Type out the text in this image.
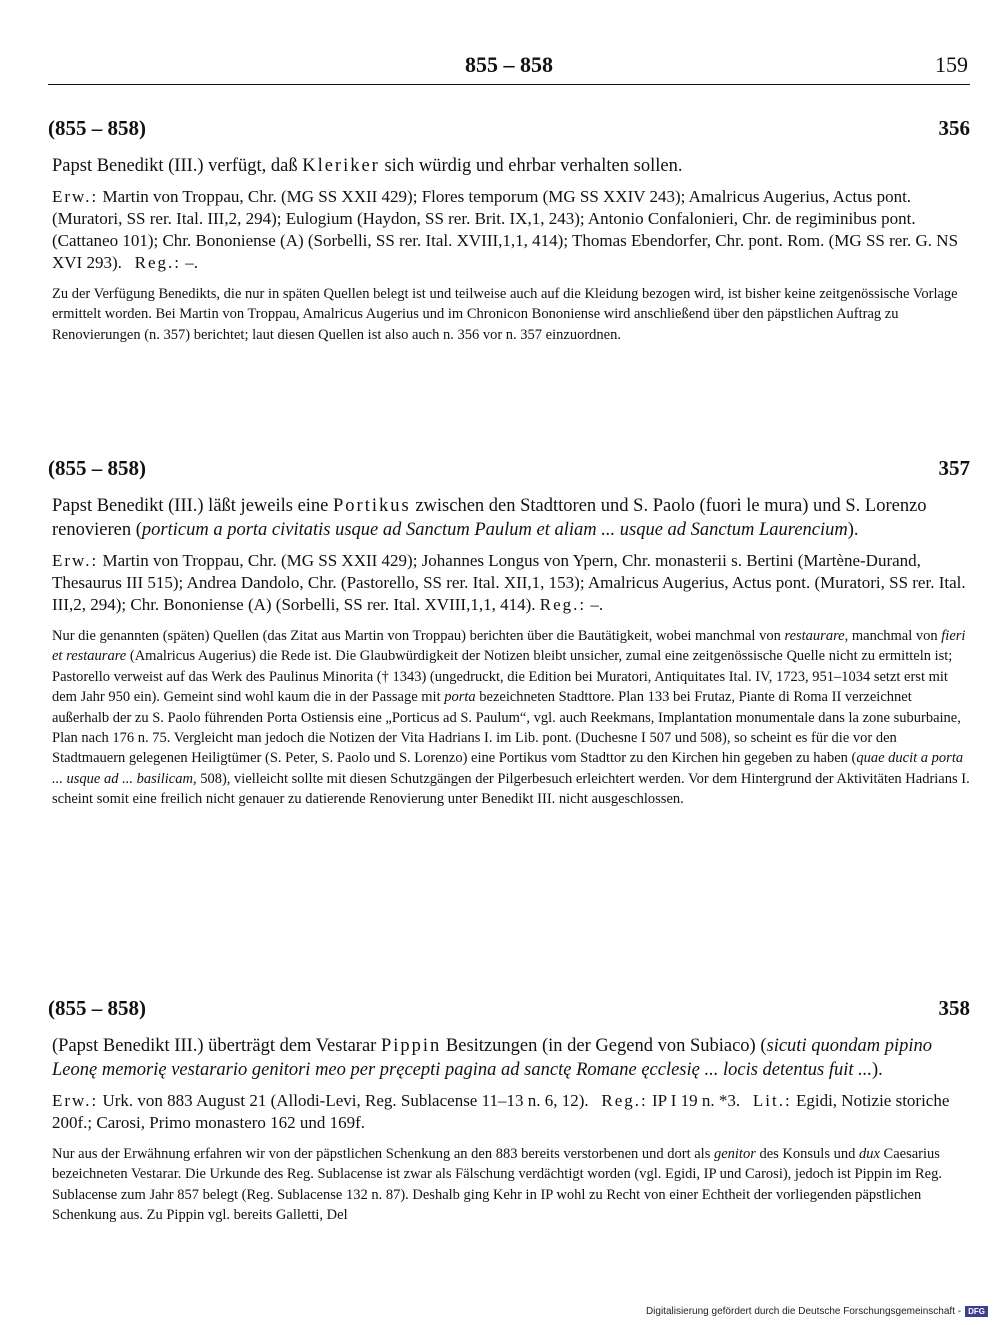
855 – 858	159
(855 – 858)	356
Papst Benedikt (III.) verfügt, daß Kleriker sich würdig und ehrbar verhalten sollen.
Erw.: Martin von Troppau, Chr. (MG SS XXII 429); Flores temporum (MG SS XXIV 243); Amalricus Augerius, Actus pont. (Muratori, SS rer. Ital. III,2, 294); Eulogium (Haydon, SS rer. Brit. IX,1, 243); Antonio Confalonieri, Chr. de regiminibus pont. (Cattaneo 101); Chr. Bononiense (A) (Sorbelli, SS rer. Ital. XVIII,1,1, 414); Thomas Ebendorfer, Chr. pont. Rom. (MG SS rer. G. NS XVI 293). Reg.: –.
Zu der Verfügung Benedikts, die nur in späten Quellen belegt ist und teilweise auch auf die Kleidung bezogen wird, ist bisher keine zeitgenössische Vorlage ermittelt worden. Bei Martin von Troppau, Amalricus Augerius und im Chronicon Bononiense wird anschließend über den päpstlichen Auftrag zu Renovierungen (n. 357) berichtet; laut diesen Quellen ist also auch n. 356 vor n. 357 einzuordnen.
(855 – 858)	357
Papst Benedikt (III.) läßt jeweils eine Portikus zwischen den Stadttoren und S. Paolo (fuori le mura) und S. Lorenzo renovieren (porticum a porta civitatis usque ad Sanctum Paulum et aliam ... usque ad Sanctum Laurencium).
Erw.: Martin von Troppau, Chr. (MG SS XXII 429); Johannes Longus von Ypern, Chr. monasterii s. Bertini (Martène-Durand, Thesaurus III 515); Andrea Dandolo, Chr. (Pastorello, SS rer. Ital. XII,1, 153); Amalricus Augerius, Actus pont. (Muratori, SS rer. Ital. III,2, 294); Chr. Bononiense (A) (Sorbelli, SS rer. Ital. XVIII,1,1, 414). Reg.: –.
Nur die genannten (späten) Quellen (das Zitat aus Martin von Troppau) berichten über die Bautätigkeit, wobei manchmal von restaurare, manchmal von fieri et restaurare (Amalricus Augerius) die Rede ist. Die Glaubwürdigkeit der Notizen bleibt unsicher, zumal eine zeitgenössische Quelle nicht zu ermitteln ist; Pastorello verweist auf das Werk des Paulinus Minorita († 1343) (ungedruckt, die Edition bei Muratori, Antiquitates Ital. IV, 1723, 951–1034 setzt erst mit dem Jahr 950 ein). Gemeint sind wohl kaum die in der Passage mit porta bezeichneten Stadttore. Plan 133 bei Frutaz, Piante di Roma II verzeichnet außerhalb der zu S. Paolo führenden Porta Ostiensis eine „Porticus ad S. Paulum“, vgl. auch Reekmans, Implantation monumentale dans la zone suburbaine, Plan nach 176 n. 75. Vergleicht man jedoch die Notizen der Vita Hadrians I. im Lib. pont. (Duchesne I 507 und 508), so scheint es für die vor den Stadtmauern gelegenen Heiligtümer (S. Peter, S. Paolo und S. Lorenzo) eine Portikus vom Stadttor zu den Kirchen hin gegeben zu haben (quae ducit a porta ... usque ad ... basilicam, 508), vielleicht sollte mit diesen Schutzgängen der Pilgerbesuch erleichtert werden. Vor dem Hintergrund der Aktivitäten Hadrians I. scheint somit eine freilich nicht genauer zu datierende Renovierung unter Benedikt III. nicht ausgeschlossen.
(855 – 858)	358
(Papst Benedikt III.) überträgt dem Vestarar Pippin Besitzungen (in der Gegend von Subiaco) (sicuti quondam pipino Leonę memorię vestarario genitori meo per pręcepti pagina ad sanctę Romane ęcclesię ... locis detentus fuit ...).
Erw.: Urk. von 883 August 21 (Allodi-Levi, Reg. Sublacense 11–13 n. 6, 12). Reg.: IP I 19 n. *3. Lit.: Egidi, Notizie storiche 200f.; Carosi, Primo monastero 162 und 169f.
Nur aus der Erwähnung erfahren wir von der päpstlichen Schenkung an den 883 bereits verstorbenen und dort als genitor des Konsuls und dux Caesarius bezeichneten Vestarar. Die Urkunde des Reg. Sublacense ist zwar als Fälschung verdächtigt worden (vgl. Egidi, IP und Carosi), jedoch ist Pippin im Reg. Sublacense zum Jahr 857 belegt (Reg. Sublacense 132 n. 87). Deshalb ging Kehr in IP wohl zu Recht von einer Echtheit der vorliegenden päpstlichen Schenkung aus. Zu Pippin vgl. bereits Galletti, Del
Digitalisierung gefördert durch die Deutsche Forschungsgemeinschaft - DFG
